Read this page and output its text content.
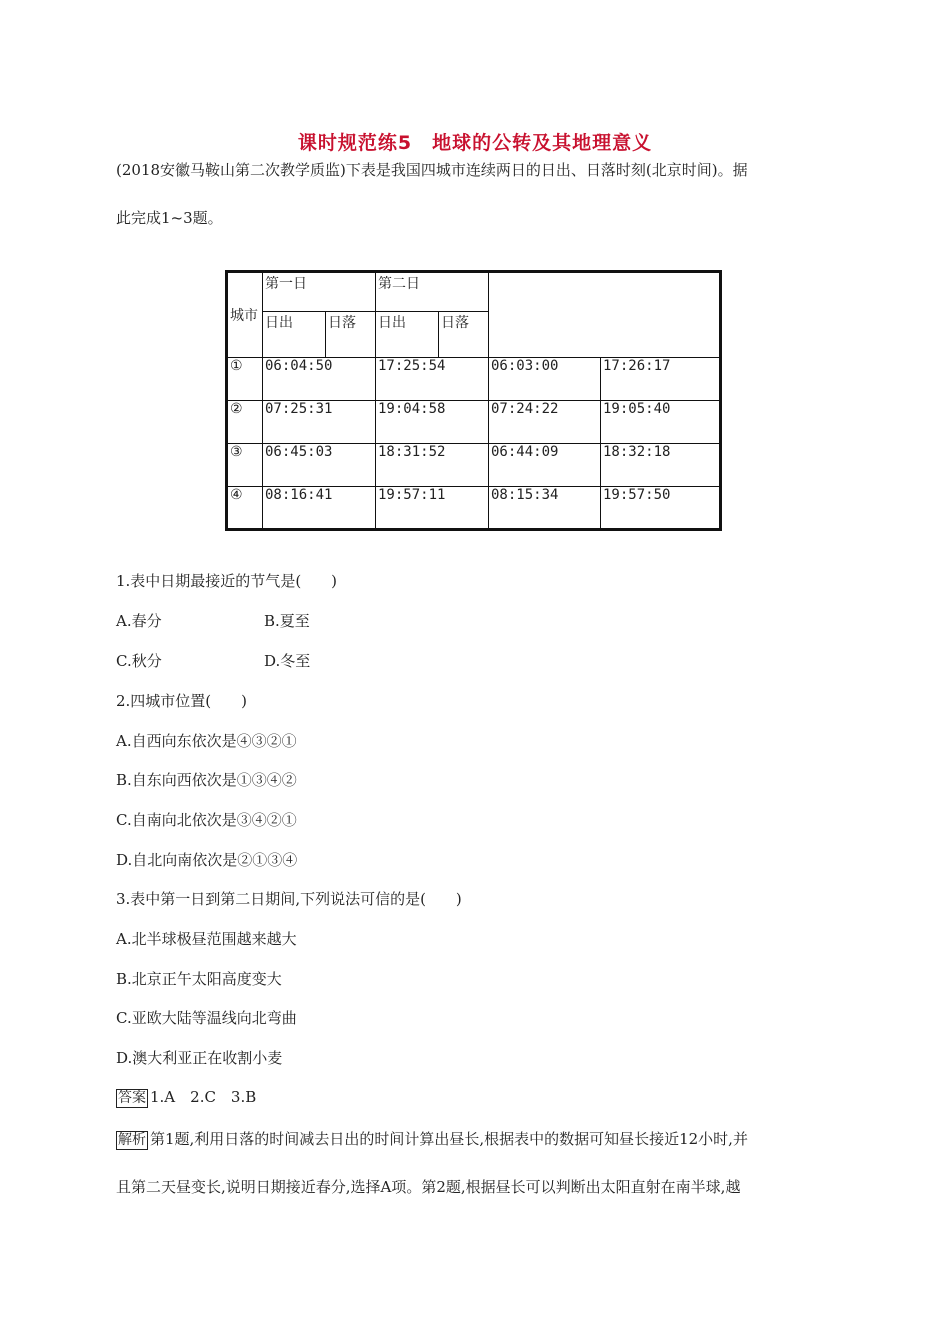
课时规范练5　地球的公转及其地理意义
(2018安徽马鞍山第二次教学质监)下表是我国四城市连续两日的日出、日落时刻(北京时间)。据
此完成1~3题。
城市	第一日		第二日			
	日出	日落	日出	日落		
①	06:04:50		17:25:54		06:03:00	17:26:17
②	07:25:31		19:04:58		07:24:22	19:05:40
③	06:45:03		18:31:52		06:44:09	18:32:18
④	08:16:41		19:57:11		08:15:34	19:57:50
1.表中日期最接近的节气是(　　)
A.春分	B.夏至
C.秋分	D.冬至
2.四城市位置(　　)
A.自西向东依次是④③②①
B.自东向西依次是①③④②
C.自南向北依次是③④②①
D.自北向南依次是②①③④
3.表中第一日到第二日期间,下列说法可信的是(　　)
A.北半球极昼范围越来越大
B.北京正午太阳高度变大
C.亚欧大陆等温线向北弯曲
D.澳大利亚正在收割小麦
答案 1.A　2.C　3.B
解析 第1题,利用日落的时间减去日出的时间计算出昼长,根据表中的数据可知昼长接近12小时,并
且第二天昼变长,说明日期接近春分,选择A项。第2题,根据昼长可以判断出太阳直射在南半球,越
